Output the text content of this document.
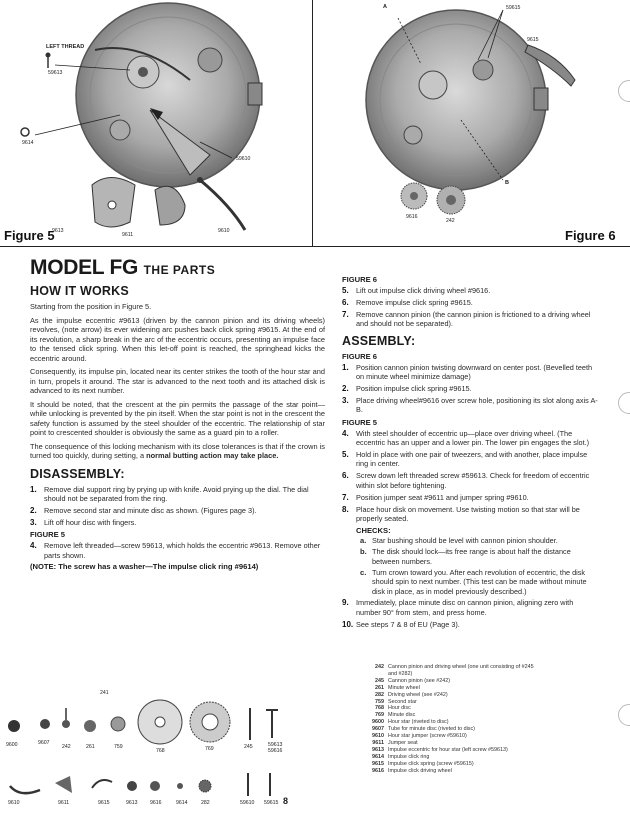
LEFT THREAD
59613
9614
59610
9613
9611
9610
Figure 5
A	59615
9615
B
9616
242
Figure 6
MODEL FG THE PARTS
HOW IT WORKS

Starting from the position in Figure 5.

As the impulse eccentric #9613 (driven by the cannon pinion and its driving wheels) revolves, (note arrow) its ever widening arc pushes back click spring #9615. At the end of its revolution, a sharp break in the arc of the eccentric occurs, presenting an impulse face to the tensed click spring. When this let-off point is reached, the springhead kicks the eccentric around.

Consequently, its impulse pin, located near its center strikes the tooth of the hour star and in turn, propels it around. The star is advanced to the next tooth and its attached disk is advanced to its next number.

It should be noted, that the crescent at the pin permits the passage of the star point—while unlocking is prevented by the pin itself. When the star point is not in the crescent the safety function is assumed by the steel shoulder of the eccentric. The relationship of star point to crescented shoulder is obviously the same as a guard pin to a roller.

The consequence of this locking mechanism with its close tolerances is that if the crown is turned too quickly, during setting, a normal butting action may take place.

DISASSEMBLY:
1. Remove dial support ring by prying up with knife. Avoid prying up the dial. The dial should not be separated from the ring.
2. Remove second star and minute disc as shown. (Figures page 3).
3. Lift off hour disc with fingers.
FIGURE 5
4. Remove left threaded—screw 59613, which holds the eccentric #9613. Remove other parts shown.
(NOTE: The screw has a washer—The impulse click ring #9614)
FIGURE 6
5. Lift out impulse click driving wheel #9616.
6. Remove impulse click spring #9615.
7. Remove cannon pinion (the cannon pinion is frictioned to a driving wheel and should not be separated).
ASSEMBLY:
FIGURE 6
1. Position cannon pinion twisting downward on center post. (Bevelled teeth on minute wheel minimize damage)
2. Position impulse click spring #9615.
3. Place driving wheel#9616 over screw hole, positioning its slot along axis A-B.
FIGURE 5
4. With steel shoulder of eccentric up—place over driving wheel. (The eccentric has an upper and a lower pin. The lower pin engages the slot.)
5. Hold in place with one pair of tweezers, and with another, place impulse ring in center.
6. Screw down left threaded screw #59613. Check for freedom of eccentric within slot before tightening.
7. Position jumper seat #9611 and jumper spring #9610.
8. Place hour disk on movement. Use twisting motion so that star will be properly seated.
CHECKS:
a. Star bushing should be level with cannon pinion shoulder.
b. The disk should lock—its free range is about half the distance between numbers.
c. Turn crown toward you. After each revolution of eccentric, the disk should spin to next number. (This test can be made without minute disk in place, as in model previously described.)
9. Immediately, place minute disc on cannon pinion, aligning zero with number 90° from stem, and press home.
10. See steps 7 & 8 of EU (Page 3).
242 Cannon pinion and driving wheel (one unit consisting of #245
and #282)
245 Cannon pinion (see #242)
261 Minute wheel
282 Driving wheel (see #242)
759 Second star
768 Hour disc
769 Minute disc
9600 Hour star (riveted to disc)
9607 Tube for minute disc (riveted to disc)
9610 Hour star jumper (screw #59610)
9611 Jumper seat
9613 Impulse eccentric for hour star (left screw #59613)
9614 Impulse click ring
9615 Impulse click spring (screw #59615)
9616 Impulse click driving wheel
241
9600	9607
242	261	759
768	769	245	59613
59616
9610	9611	9615	9613 9616	9614	282	59610 59615 8
